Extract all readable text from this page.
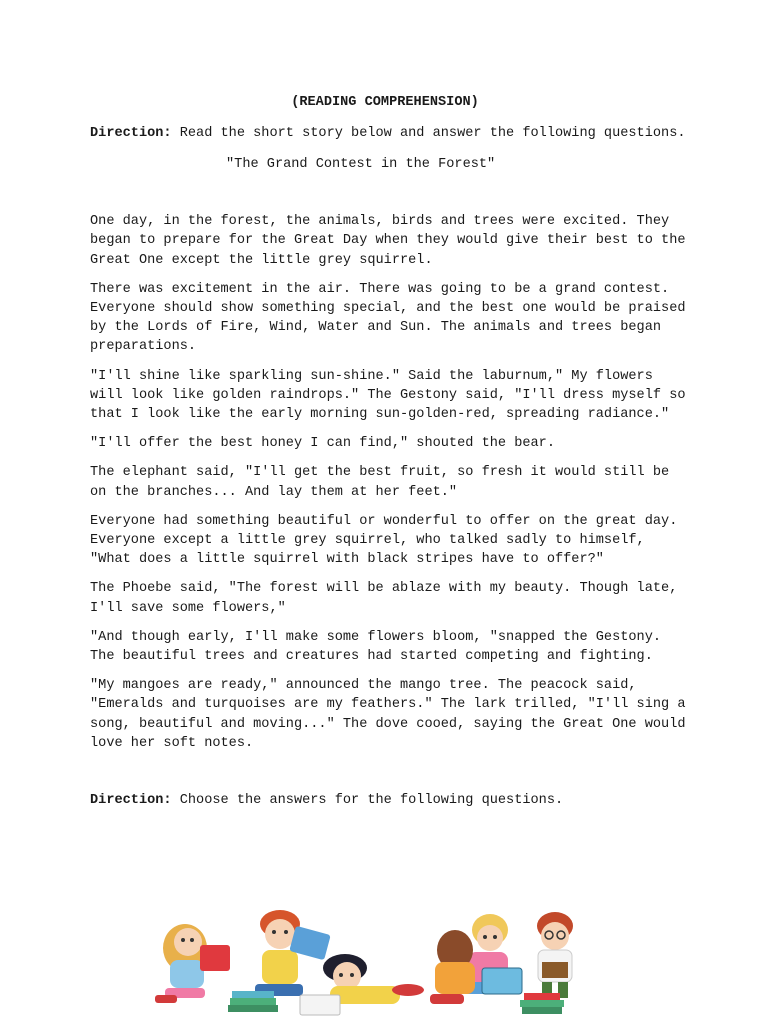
(READING COMPREHENSION)
Direction: Read the short story below and answer the following questions.
"The Grand Contest in the Forest"

One day, in the forest, the animals, birds and trees were excited. They began to prepare for the Great Day when they would give their best to the Great One except the little grey squirrel.

There was excitement in the air. There was going to be a grand contest. Everyone should show something special, and the best one would be praised by the Lords of Fire, Wind, Water and Sun. The animals and trees began preparations.

"I'll shine like sparkling sun-shine." Said the laburnum," My flowers will look like golden raindrops." The Gestony said, "I'll dress myself so that I look like the early morning sun-golden-red, spreading radiance."

"I'll offer the best honey I can find," shouted the bear.

The elephant said, "I'll get the best fruit, so fresh it would still be on the branches... And lay them at her feet."

Everyone had something beautiful or wonderful to offer on the great day. Everyone except a little grey squirrel, who talked sadly to himself, "What does a little squirrel with black stripes have to offer?"

The Phoebe said, "The forest will be ablaze with my beauty. Though late, I'll save some flowers,"

"And though early, I'll make some flowers bloom, "snapped the Gestony. The beautiful trees and creatures had started competing and fighting.

"My mangoes are ready," announced the mango tree. The peacock said, "Emeralds and turquoises are my feathers." The lark trilled, "I'll sing a song, beautiful and moving..." The dove cooed, saying the Great One would love her soft notes.

Direction: Choose the answers for the following questions.
